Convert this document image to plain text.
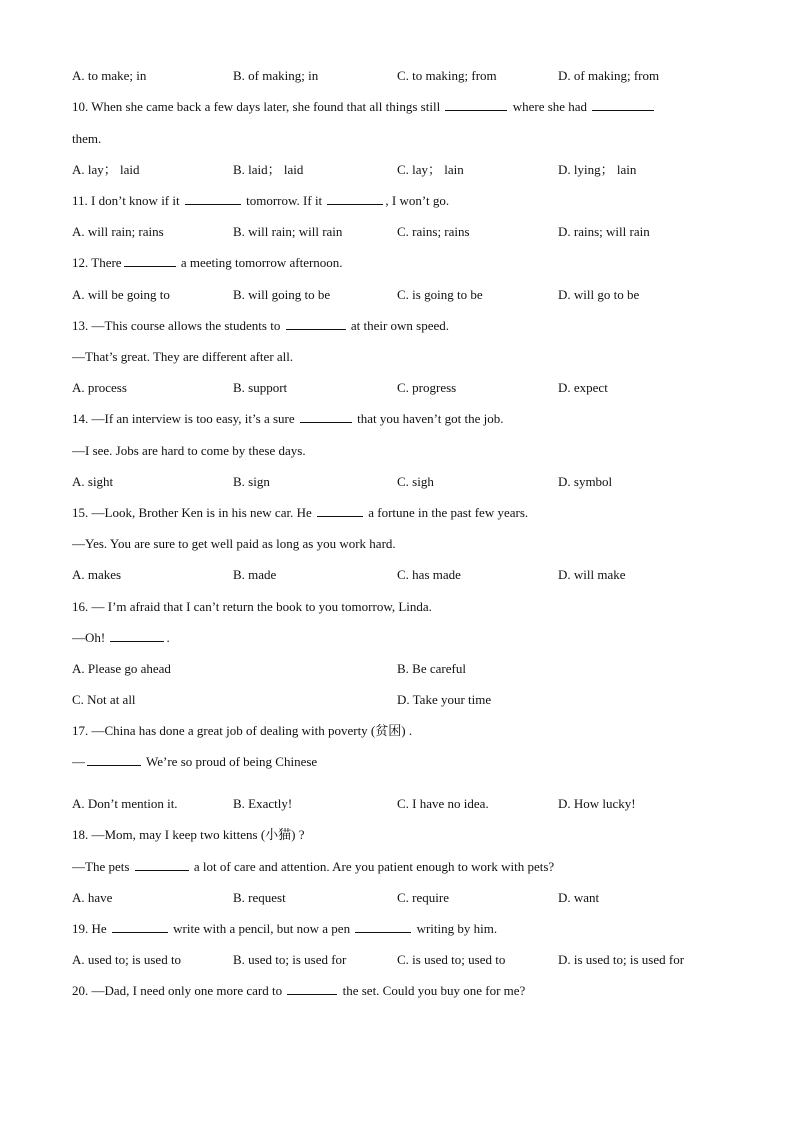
A. to make; in	B. of making; in	C. to making; from	D. of making; from
10. When she came back a few days later, she found that all things still	where she had
them.
A. lay； laid	B. laid； laid	C. lay； lain	D. lying； lain
11. I don’t know if it	tomorrow. If it	, I won’t go.
A. will rain; rains	B. will rain; will rain	C. rains; rains	D. rains; will rain
12. There	a meeting tomorrow afternoon.
A. will be going to	B. will going to be	C. is going to be	D. will go to be
13. —This course allows the students to	at their own speed.
—That’s great. They are different after all.
A. process	B. support	C. progress	D. expect
14. —If an interview is too easy, it’s a sure	that you haven’t got the job.
—I see. Jobs are hard to come by these days.
A. sight	B. sign	C. sigh	D. symbol
15. —Look, Brother Ken is in his new car. He	a fortune in the past few years.
—Yes. You are sure to get well paid as long as you work hard.
A. makes	B. made	C. has made	D. will make
16. — I’m afraid that I can’t return the book to you tomorrow, Linda.
—Oh!	.
A. Please go ahead	B. Be careful
C. Not at all	D. Take your time
17. —China has done a great job of dealing with poverty (贫困) .
—	We’re so proud of being Chinese
A. Don’t mention it.	B. Exactly!	C. I have no idea.	D. How lucky!
18. —Mom, may I keep two kittens (小猫) ?
—The pets	a lot of care and attention. Are you patient enough to work with pets?
A. have	B. request	C. require	D. want
19. He	write with a pencil, but now a pen	writing by him.
A. used to; is used to	B. used to; is used for	C. is used to; used to	D. is used to; is used for
20. —Dad, I need only one more card to	the set. Could you buy one for me?
